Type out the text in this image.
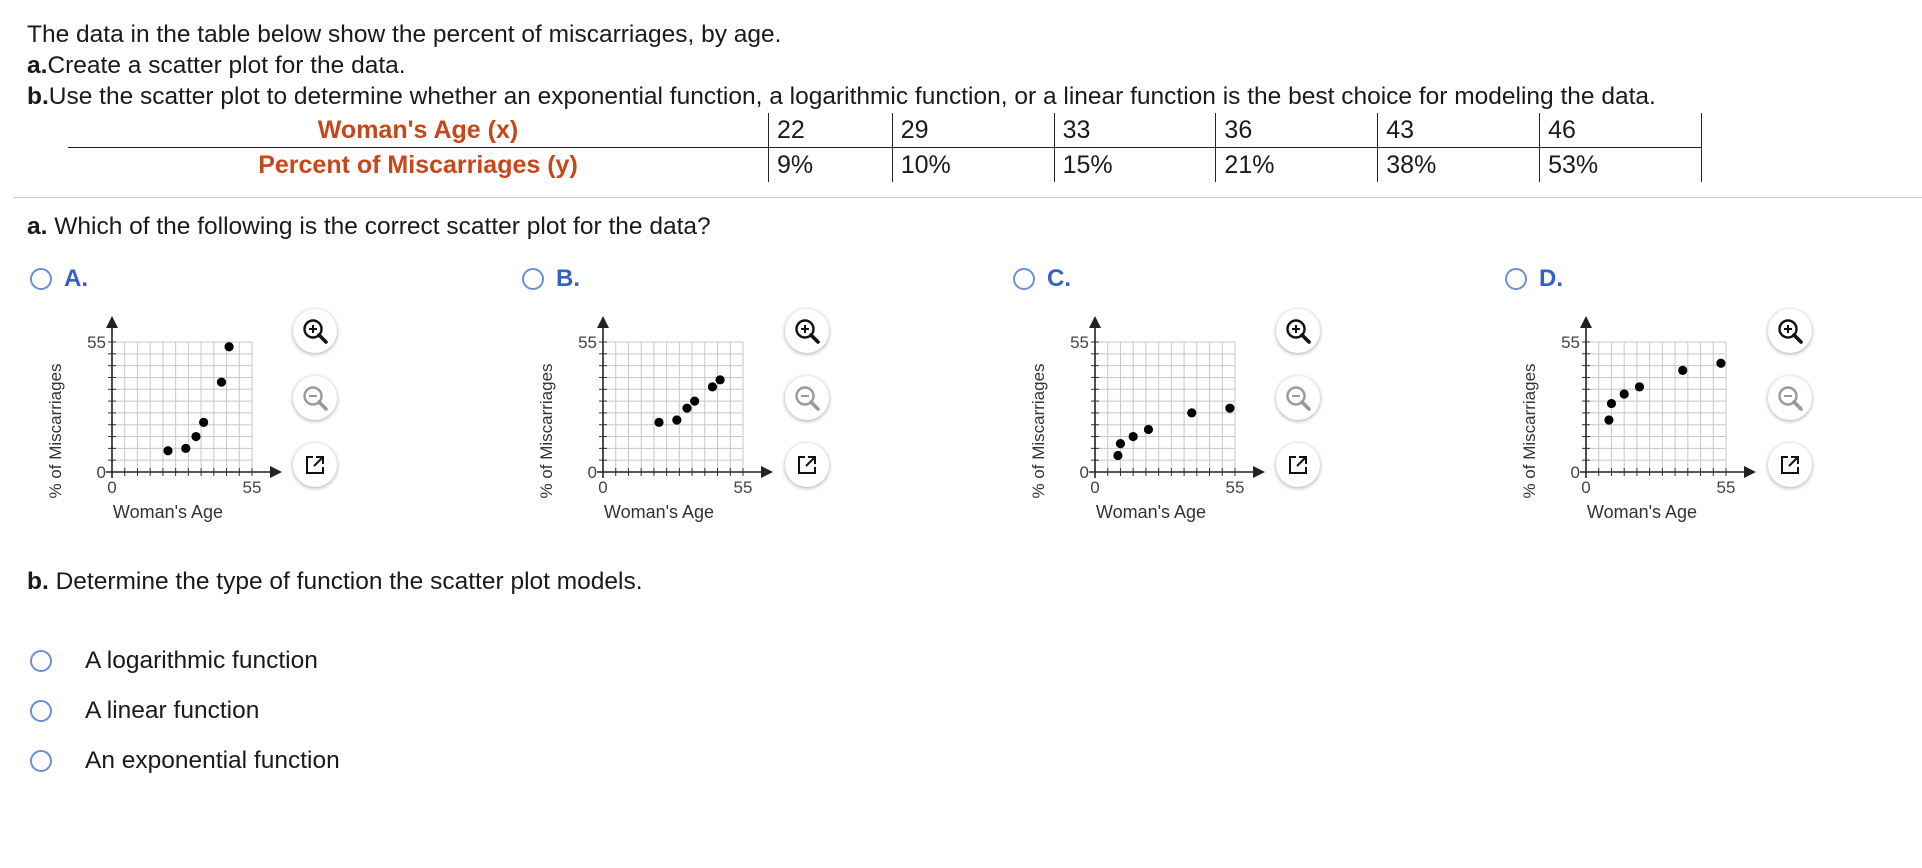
The data in the table below show the percent of miscarriages, by age.
a.Create a scatter plot for the data.
b.Use the scatter plot to determine whether an exponential function, a logarithmic function, or a linear function is the best choice for modeling the data.
Woman's Age (x)	22	29	33	36	43	46
Percent of Miscarriages (y)	9%	10%	15%	21%	38%	53%
a. Which of the following is the correct scatter plot for the data?
A.	B.	C.	D.
0	55
0
55
Woman's Age
% of Miscarriages	0	55
0
55
Woman's Age
% of Miscarriages	0	55
0
55
Woman's Age
% of Miscarriages	0	55
0
55
Woman's Age
% of Miscarriages
b. Determine the type of function the scatter plot models.
A logarithmic function
A linear function
An exponential function
